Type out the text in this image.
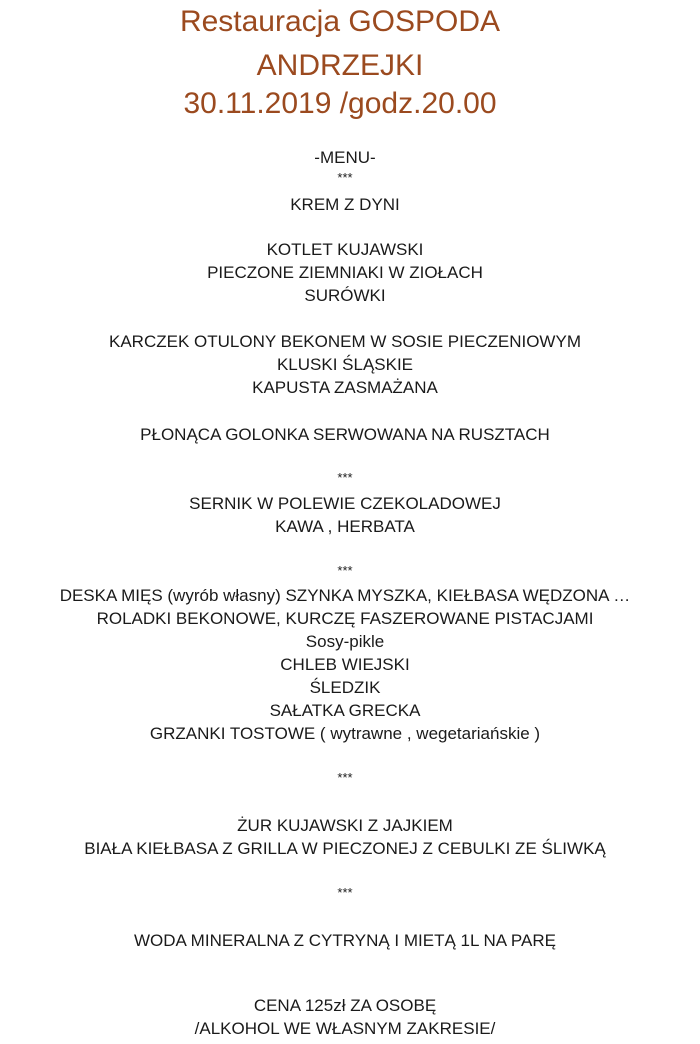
Restauracja GOSPODA
ANDRZEJKI
30.11.2019 /godz.20.00
-MENU-
***
KREM Z DYNI
KOTLET KUJAWSKI
PIECZONE ZIEMNIAKI W ZIOŁACH
SURÓWKI
KARCZEK OTULONY BEKONEM W SOSIE PIECZENIOWYM
KLUSKI ŚLĄSKIE
KAPUSTA ZASMAŻANA
PŁONĄCA GOLONKA SERWOWANA NA RUSZTACH
***
SERNIK W POLEWIE CZEKOLADOWEJ
KAWA , HERBATA
***
DESKA MIĘS (wyrób własny) SZYNKA MYSZKA, KIEŁBASA WĘDZONA …
ROLADKI BEKONOWE, KURCZĘ FASZEROWANE PISTACJAMI
Sosy-pikle
CHLEB WIEJSKI
ŚLEDZIK
SAŁATKA GRECKA
GRZANKI TOSTOWE ( wytrawne , wegetariańskie )
***
ŻUR KUJAWSKI Z JAJKIEM
BIAŁA KIEŁBASA Z GRILLA W PIECZONEJ Z CEBULKI ZE ŚLIWKĄ
***
WODA MINERALNA Z CYTRYNĄ I MIETĄ 1L NA PARĘ
CENA 125zł ZA OSOBĘ
/ALKOHOL WE WŁASNYM ZAKRESIE/
